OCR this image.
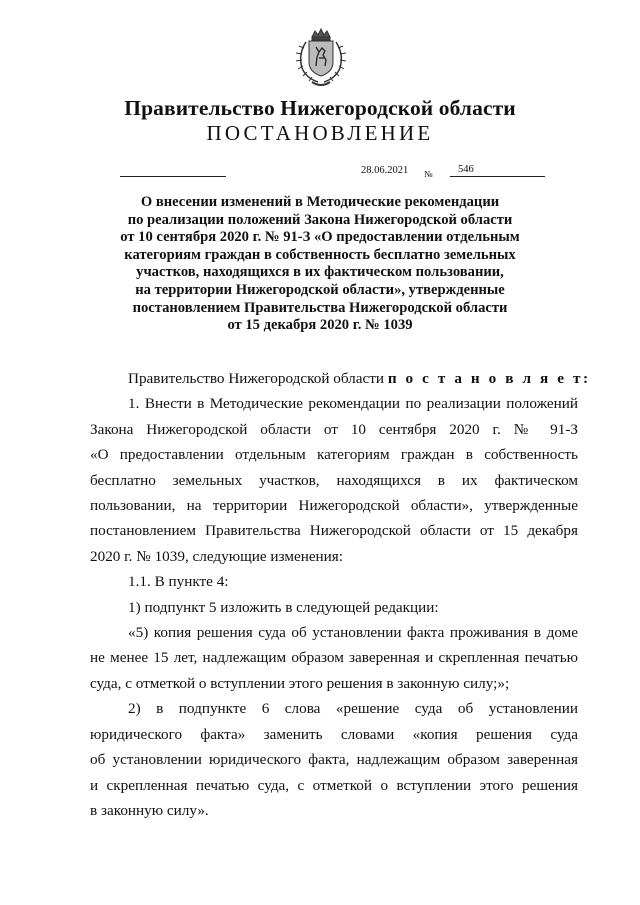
Правительство Нижегородской области
ПОСТАНОВЛЕНИЕ
28.06.2021 №	546
О внесении изменений в Методические рекомендации
по реализации положений Закона Нижегородской области
от 10 сентября 2020 г. № 91-З «О предоставлении отдельным
категориям граждан в собственность бесплатно земельных
участков, находящихся в их фактическом пользовании,
на территории Нижегородской области», утвержденные
постановлением Правительства Нижегородской области
от 15 декабря 2020 г. № 1039
Правительство Нижегородской области п о с т а н о в л я е т:
1. Внести в Методические рекомендации по реализации положений
Закона Нижегородской области от 10 сентября 2020 г. № 91-З
«О предоставлении отдельным категориям граждан в собственность
бесплатно земельных участков, находящихся в их фактическом
пользовании, на территории Нижегородской области», утвержденные
постановлением Правительства Нижегородской области от 15 декабря
2020 г. № 1039, следующие изменения:
1.1. В пункте 4:
1) подпункт 5 изложить в следующей редакции:
«5) копия решения суда об установлении факта проживания в доме
не менее 15 лет, надлежащим образом заверенная и скрепленная печатью
суда, с отметкой о вступлении этого решения в законную силу;»;
2) в подпункте 6 слова «решение суда об установлении
юридического факта» заменить словами «копия решения суда
об установлении юридического факта, надлежащим образом заверенная
и скрепленная печатью суда, с отметкой о вступлении этого решения
в законную силу».
